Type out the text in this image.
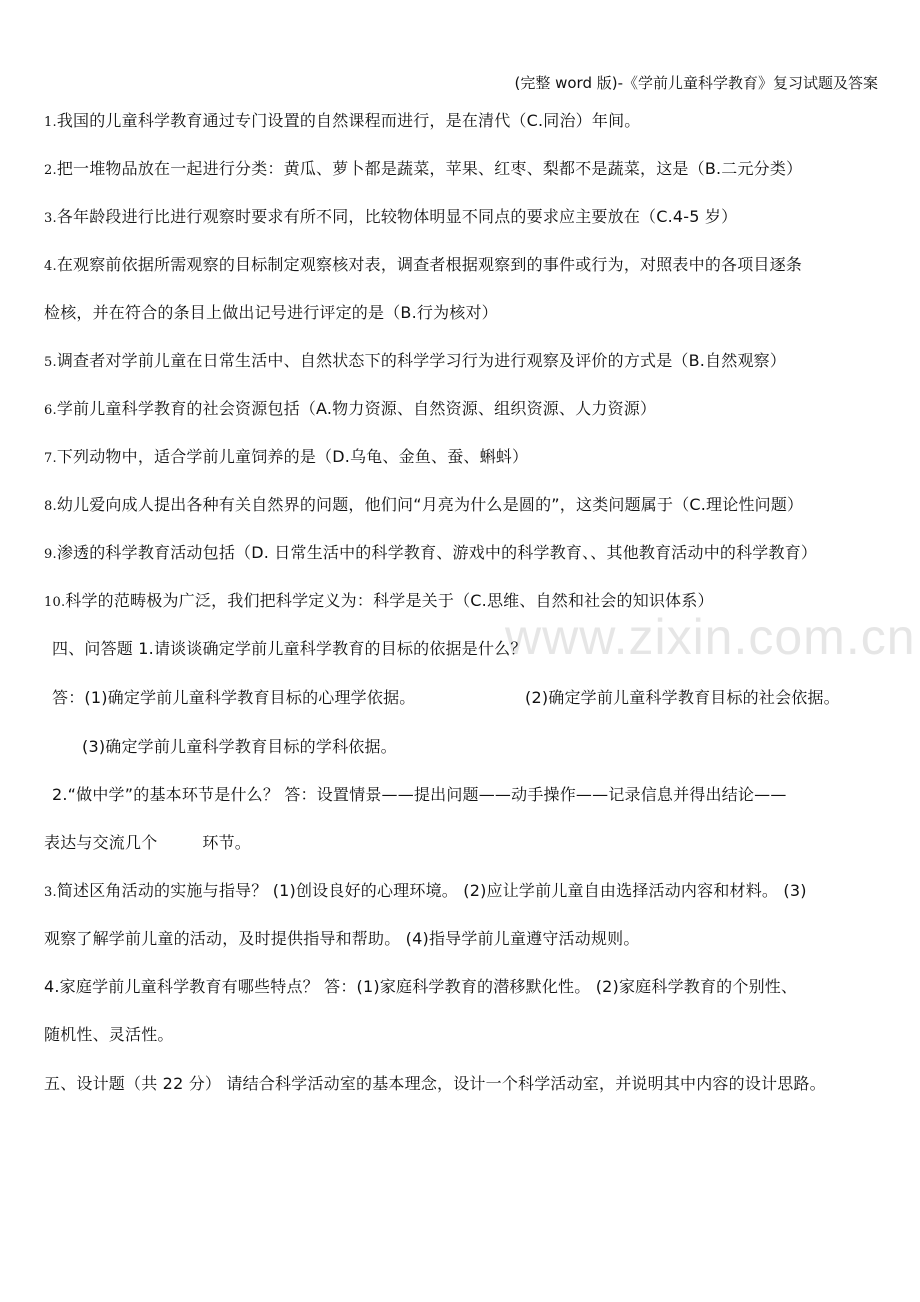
(完整 word 版)-《学前儿童科学教育》复习试题及答案
www.zixin.com.cn
1.我国的儿童科学教育通过专门设置的自然课程而进行，是在清代（C.同治）年间。
2.把一堆物品放在一起进行分类：黄瓜、萝卜都是蔬菜，苹果、红枣、梨都不是蔬菜，这是（B.二元分类）
3.各年龄段进行比进行观察时要求有所不同，比较物体明显不同点的要求应主要放在（C.4-5 岁）
4.在观察前依据所需观察的目标制定观察核对表，调查者根据观察到的事件或行为，对照表中的各项目逐条
检核，并在符合的条目上做出记号进行评定的是（B.行为核对）
5.调查者对学前儿童在日常生活中、自然状态下的科学学习行为进行观察及评价的方式是（B.自然观察）
6.学前儿童科学教育的社会资源包括（A.物力资源、自然资源、组织资源、人力资源）
7.下列动物中，适合学前儿童饲养的是（D.乌龟、金鱼、蚕、蝌蚪）
8.幼儿爱向成人提出各种有关自然界的问题，他们问“月亮为什么是圆的”，这类问题属于（C.理论性问题）
9.渗透的科学教育活动包括（D. 日常生活中的科学教育、游戏中的科学教育、、其他教育活动中的科学教育）
10.科学的范畴极为广泛，我们把科学定义为：科学是关于（C.思维、自然和社会的知识体系）
四、问答题 1.请谈谈确定学前儿童科学教育的目标的依据是什么？
答：(1)确定学前儿童科学教育目标的心理学依据。	(2)确定学前儿童科学教育目标的社会依据。
(3)确定学前儿童科学教育目标的学科依据。
2.“做中学”的基本环节是什么？ 答：设置情景——提出问题——动手操作——记录信息并得出结论——
表达与交流几个	环节。
3.简述区角活动的实施与指导？ (1)创设良好的心理环境。 (2)应让学前儿童自由选择活动内容和材料。 (3)
观察了解学前儿童的活动，及时提供指导和帮助。 (4)指导学前儿童遵守活动规则。
4.家庭学前儿童科学教育有哪些特点？ 答：(1)家庭科学教育的潜移默化性。 (2)家庭科学教育的个别性、
随机性、灵活性。
五、设计题（共 22 分） 请结合科学活动室的基本理念，设计一个科学活动室，并说明其中内容的设计思路。
